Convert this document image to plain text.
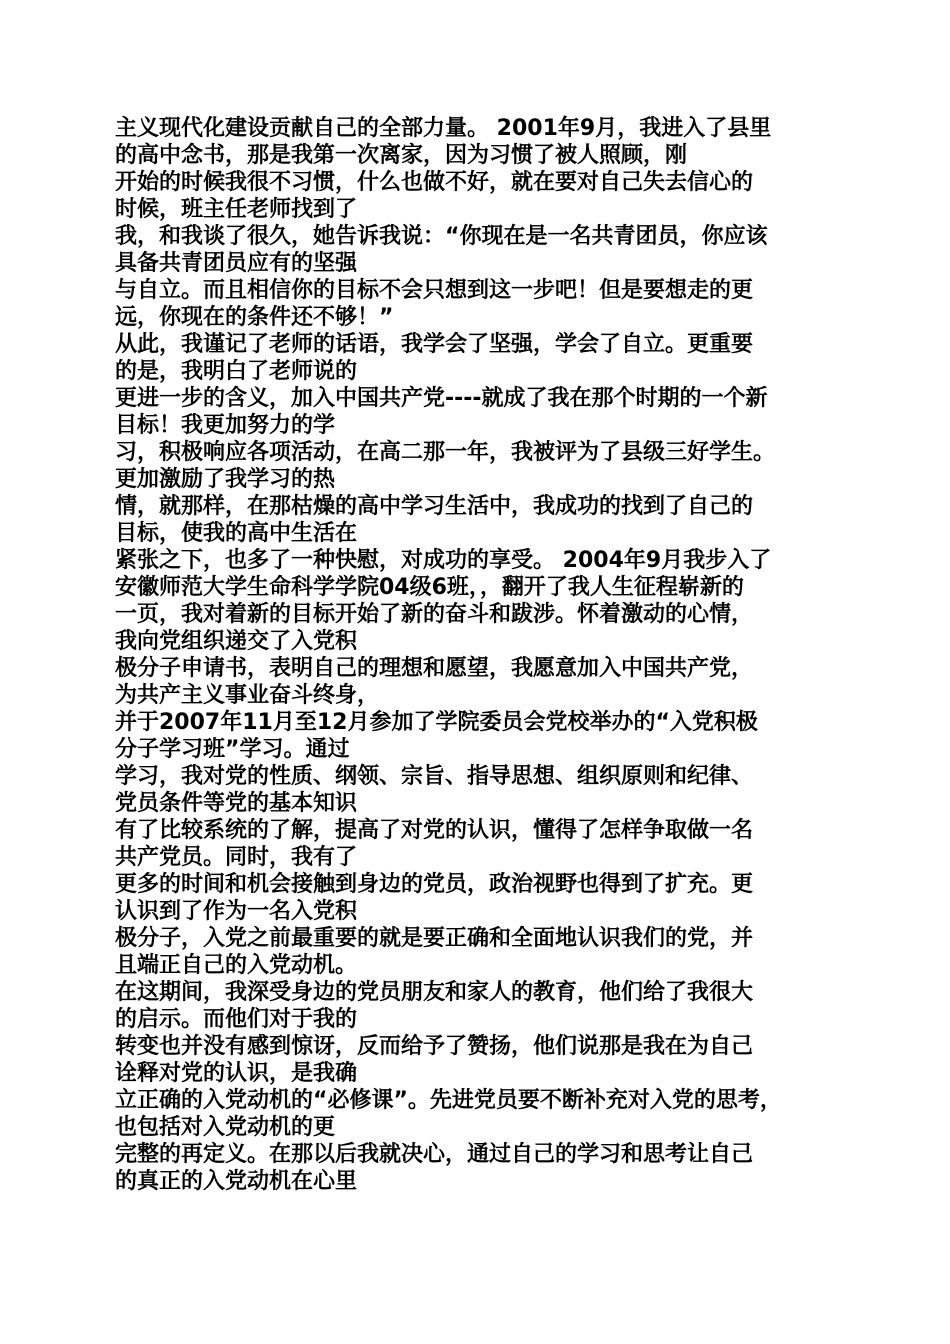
主义现代化建设贡献自己的全部力量。 2001年9月，我进入了县里
的高中念书，那是我第一次离家，因为习惯了被人照顾，刚
开始的时候我很不习惯，什么也做不好，就在要对自己失去信心的
时候，班主任老师找到了
我，和我谈了很久，她告诉我说：“你现在是一名共青团员，你应该
具备共青团员应有的坚强
与自立。而且相信你的目标不会只想到这一步吧！但是要想走的更
远，你现在的条件还不够！”
从此，我谨记了老师的话语，我学会了坚强，学会了自立。更重要
的是，我明白了老师说的
更进一步的含义，加入中国共产党----就成了我在那个时期的一个新
目标！我更加努力的学
习，积极响应各项活动，在高二那一年，我被评为了县级三好学生。
更加激励了我学习的热
情，就那样，在那枯燥的高中学习生活中，我成功的找到了自己的
目标，使我的高中生活在
紧张之下，也多了一种快慰，对成功的享受。 2004年9月我步入了
安徽师范大学生命科学学院04级6班，，翻开了我人生征程崭新的
一页，我对着新的目标开始了新的奋斗和跋涉。怀着激动的心情，
我向党组织递交了入党积
极分子申请书，表明自己的理想和愿望，我愿意加入中国共产党，
为共产主义事业奋斗终身，
并于2007年11月至12月参加了学院委员会党校举办的“入党积极
分子学习班”学习。通过
学习，我对党的性质、纲领、宗旨、指导思想、组织原则和纪律、
党员条件等党的基本知识
有了比较系统的了解，提高了对党的认识，懂得了怎样争取做一名
共产党员。同时，我有了
更多的时间和机会接触到身边的党员，政治视野也得到了扩充。更
认识到了作为一名入党积
极分子，入党之前最重要的就是要正确和全面地认识我们的党，并
且端正自己的入党动机。
在这期间，我深受身边的党员朋友和家人的教育，他们给了我很大
的启示。而他们对于我的
转变也并没有感到惊讶，反而给予了赞扬，他们说那是我在为自己
诠释对党的认识，是我确
立正确的入党动机的“必修课”。先进党员要不断补充对入党的思考，
也包括对入党动机的更
完整的再定义。在那以后我就决心，通过自己的学习和思考让自己
的真正的入党动机在心里
